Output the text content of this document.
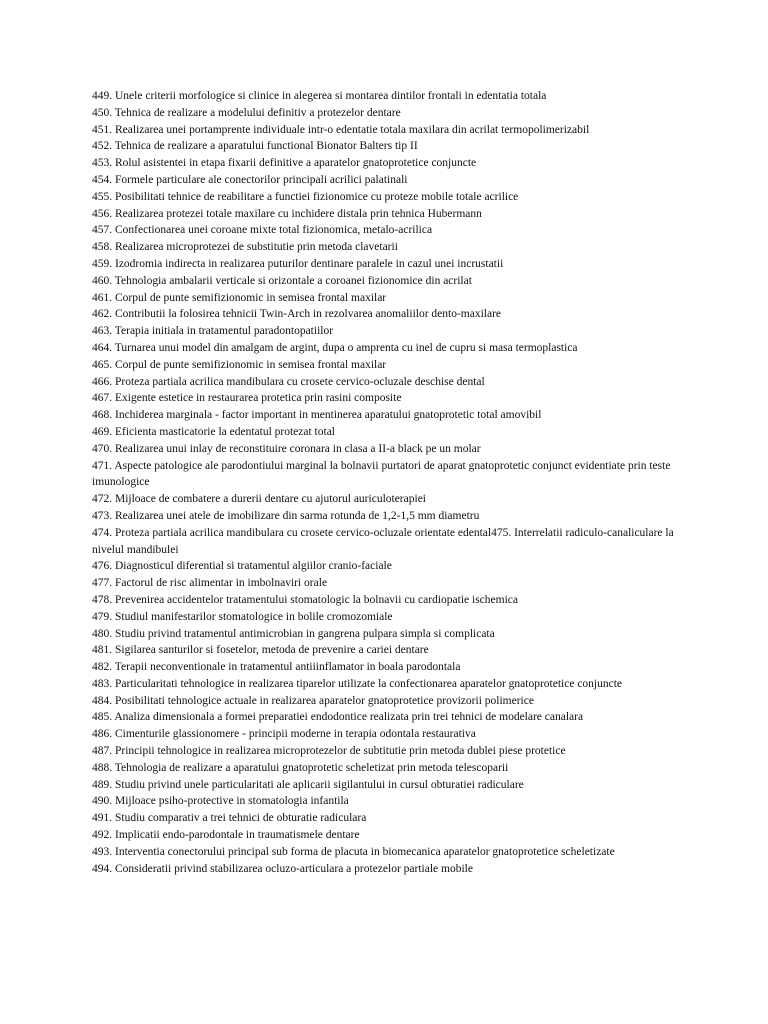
449. Unele criterii morfologice si clinice in alegerea si montarea dintilor frontali in edentatia totala

450. Tehnica de realizare a modelului definitiv a protezelor dentare

451. Realizarea unei portamprente individuale intr-o edentatie totala maxilara din acrilat termopolimerizabil

452. Tehnica de realizare a aparatului functional Bionator Balters tip II

453. Rolul asistentei in etapa fixarii definitive a aparatelor gnatoprotetice conjuncte

454. Formele particulare ale conectorilor principali acrilici palatinali

455. Posibilitati tehnice de reabilitare a functiei fizionomice cu proteze mobile totale acrilice

456. Realizarea protezei totale maxilare cu inchidere distala prin tehnica Hubermann

457. Confectionarea unei coroane mixte total fizionomica, metalo-acrilica

458. Realizarea microprotezei de substitutie prin metoda clavetarii

459. Izodromia indirecta in realizarea puturilor dentinare paralele in cazul unei incrustatii

460. Tehnologia ambalarii verticale si orizontale a coroanei fizionomice din acrilat

461. Corpul de punte semifizionomic in semisea frontal maxilar

462. Contributii la folosirea tehnicii Twin-Arch in rezolvarea anomaliilor dento-maxilare

463. Terapia initiala in tratamentul paradontopatiilor

464. Turnarea unui model din amalgam de argint, dupa o amprenta cu inel de cupru si masa termoplastica

465. Corpul de punte semifizionomic in semisea frontal maxilar

466. Proteza partiala acrilica mandibulara cu crosete cervico-ocluzale deschise dental

467. Exigente estetice in restaurarea protetica prin rasini composite

468. Inchiderea marginala - factor important in mentinerea aparatului gnatoprotetic total amovibil

469. Eficienta masticatorie la edentatul protezat total

470. Realizarea unui inlay de reconstituire coronara in clasa a II-a black pe un molar

471. Aspecte patologice ale parodontiului marginal la bolnavii purtatori de aparat gnatoprotetic conjunct evidentiate prin teste imunologice

472. Mijloace de combatere a durerii dentare cu ajutorul auriculoterapiei

473. Realizarea unei atele de imobilizare din sarma rotunda de 1,2-1,5 mm diametru

474. Proteza partiala acrilica mandibulara cu crosete cervico-ocluzale orientate edental475. Interrelatii radiculo-canaliculare la nivelul mandibulei

476. Diagnosticul diferential si tratamentul algiilor cranio-faciale

477. Factorul de risc alimentar in imbolnaviri orale

478. Prevenirea accidentelor tratamentului stomatologic la bolnavii cu cardiopatie ischemica

479. Studiul manifestarilor stomatologice in bolile cromozomiale

480. Studiu privind tratamentul antimicrobian in gangrena pulpara simpla si complicata

481. Sigilarea santurilor si fosetelor, metoda de prevenire a cariei dentare

482. Terapii neconventionale in tratamentul antiiinflamator in boala parodontala

483. Particularitati tehnologice in realizarea tiparelor utilizate la confectionarea aparatelor gnatoprotetice conjuncte

484. Posibilitati tehnologice actuale in realizarea aparatelor gnatoprotetice provizorii polimerice

485. Analiza dimensionala a formei preparatiei endodontice realizata prin trei tehnici de modelare canalara

486. Cimenturile glassionomere - principii moderne in terapia odontala restaurativa

487. Principii tehnologice in realizarea microprotezelor de subtitutie prin metoda dublei piese protetice

488. Tehnologia de realizare a aparatului gnatoprotetic scheletizat prin metoda telescoparii

489. Studiu privind unele particularitati ale aplicarii sigilantului in cursul obturatiei radiculare

490. Mijloace psiho-protective in stomatologia infantila

491. Studiu comparativ a trei tehnici de obturatie radiculara

492. Implicatii endo-parodontale in traumatismele dentare

493. Interventia conectorului principal sub forma de placuta in biomecanica aparatelor gnatoprotetice scheletizate

494. Consideratii privind stabilizarea ocluzo-articulara a protezelor partiale mobile
